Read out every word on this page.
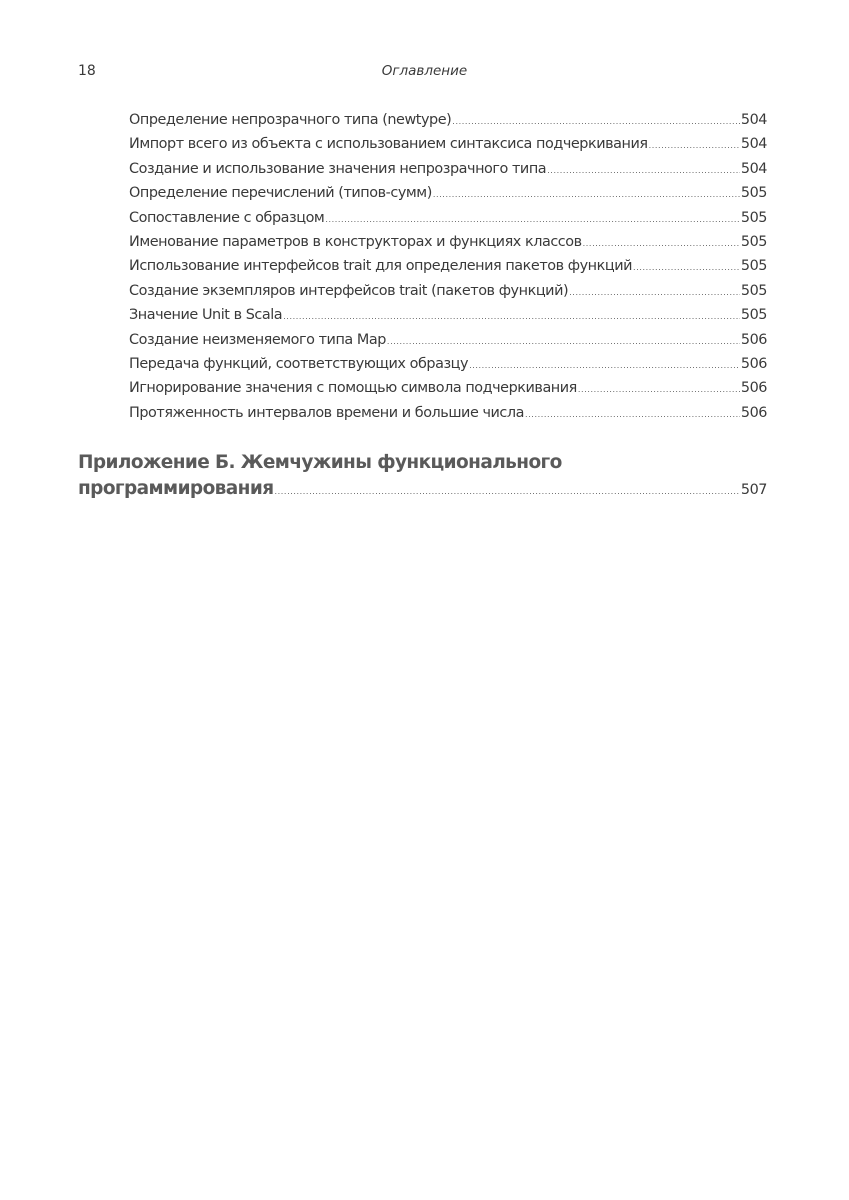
18	Оглавление
Определение непрозрачного типа (newtype) .....	504
Импорт всего из объекта с использованием синтаксиса подчеркивания .....	504
Создание и использование значения непрозрачного типа .....	504
Определение перечислений (типов-сумм) .....	505
Сопоставление с образцом .....	505
Именование параметров в конструкторах и функциях классов .....	505
Использование интерфейсов trait для определения пакетов функций .....	505
Создание экземпляров интерфейсов trait (пакетов функций) .....	505
Значение Unit в Scala .....	505
Создание неизменяемого типа Map .....	506
Передача функций, соответствующих образцу .....	506
Игнорирование значения с помощью символа подчеркивания .....	506
Протяженность интервалов времени и большие числа .....	506
Приложение Б. Жемчужины функционального
программирования .....	507
